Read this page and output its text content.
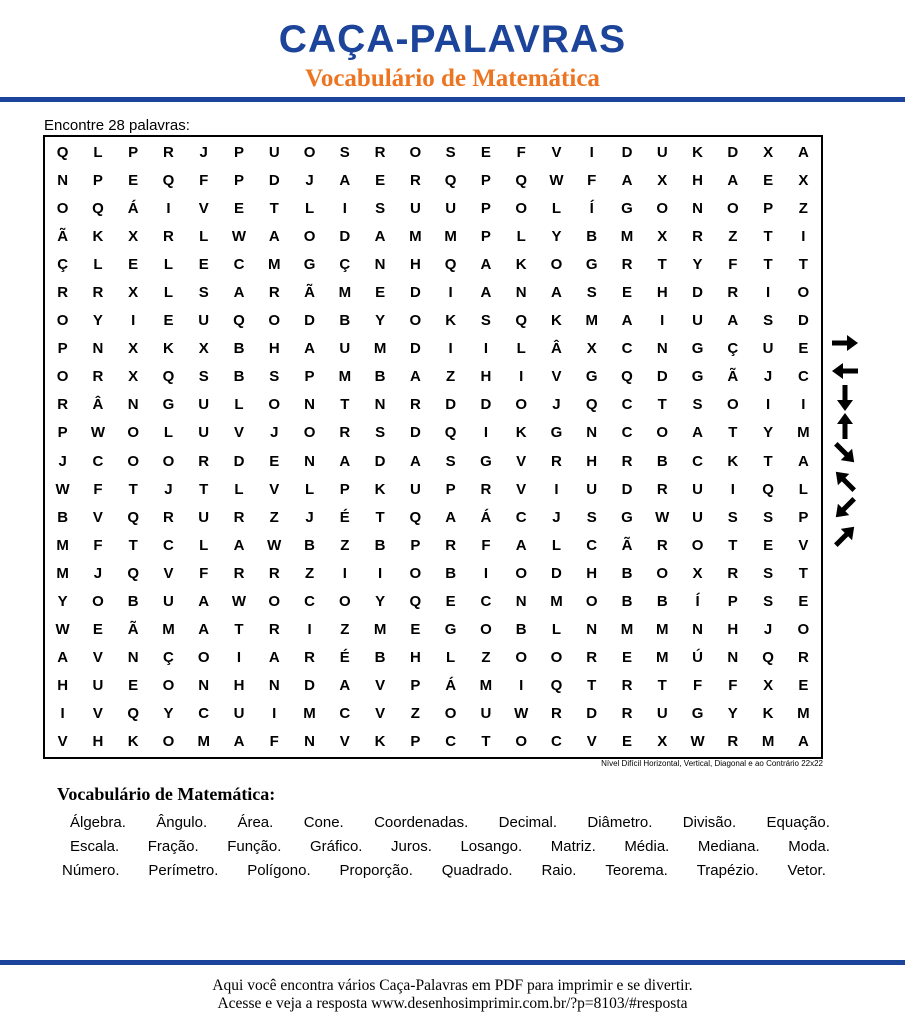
CAÇA-PALAVRAS
Vocabulário de Matemática
Encontre 28 palavras:
Q	L	P	R	J	P	U	O	S	R	O	S	E	F	V	I	D	U	K	D	X	A
N	P	E	Q	F	P	D	J	A	E	R	Q	P	Q	W	F	A	X	H	A	E	X
O	Q	Á	I	V	E	T	L	I	S	U	U	P	O	L	Í	G	O	N	O	P	Z
Ã	K	X	R	L	W	A	O	D	A	M	M	P	L	Y	B	M	X	R	Z	T	I
Ç	L	E	L	E	C	M	G	Ç	N	H	Q	A	K	O	G	R	T	Y	F	T	T
R	R	X	L	S	A	R	Ã	M	E	D	I	A	N	A	S	E	H	D	R	I	O
O	Y	I	E	U	Q	O	D	B	Y	O	K	S	Q	K	M	A	I	U	A	S	D
P	N	X	K	X	B	H	A	U	M	D	I	I	L	Â	X	C	N	G	Ç	U	E
O	R	X	Q	S	B	S	P	M	B	A	Z	H	I	V	G	Q	D	G	Ã	J	C
R	Â	N	G	U	L	O	N	T	N	R	D	D	O	J	Q	C	T	S	O	I	I
P	W	O	L	U	V	J	O	R	S	D	Q	I	K	G	N	C	O	A	T	Y	M
J	C	O	O	R	D	E	N	A	D	A	S	G	V	R	H	R	B	C	K	T	A
W	F	T	J	T	L	V	L	P	K	U	P	R	V	I	U	D	R	U	I	Q	L
B	V	Q	R	U	R	Z	J	É	T	Q	A	Á	C	J	S	G	W	U	S	S	P
M	F	T	C	L	A	W	B	Z	B	P	R	F	A	L	C	Ã	R	O	T	E	V
M	J	Q	V	F	R	R	Z	I	I	O	B	I	O	D	H	B	O	X	R	S	T
Y	O	B	U	A	W	O	C	O	Y	Q	E	C	N	M	O	B	B	Í	P	S	E
W	E	Ã	M	A	T	R	I	Z	M	E	G	O	B	L	N	M	M	N	H	J	O
A	V	N	Ç	O	I	A	R	É	B	H	L	Z	O	O	R	E	M	Ú	N	Q	R
H	U	E	O	N	H	N	D	A	V	P	Á	M	I	Q	T	R	T	F	F	X	E
I	V	Q	Y	C	U	I	M	C	V	Z	O	U	W	R	D	R	U	G	Y	K	M
V	H	K	O	M	A	F	N	V	K	P	C	T	O	C	V	E	X	W	R	M	A
Nível Difícil Horizontal, Vertical, Diagonal e ao Contrário 22x22
Vocabulário de Matemática:
Álgebra. Ângulo. Área. Cone. Coordenadas. Decimal. Diâmetro. Divisão. Equação.
Escala. Fração. Função. Gráfico. Juros. Losango. Matriz. Média. Mediana. Moda.
Número. Perímetro. Polígono. Proporção. Quadrado. Raio. Teorema. Trapézio. Vetor.
Aqui você encontra vários Caça-Palavras em PDF para imprimir e se divertir.
Acesse e veja a resposta www.desenhosimprimir.com.br/?p=8103/#resposta
